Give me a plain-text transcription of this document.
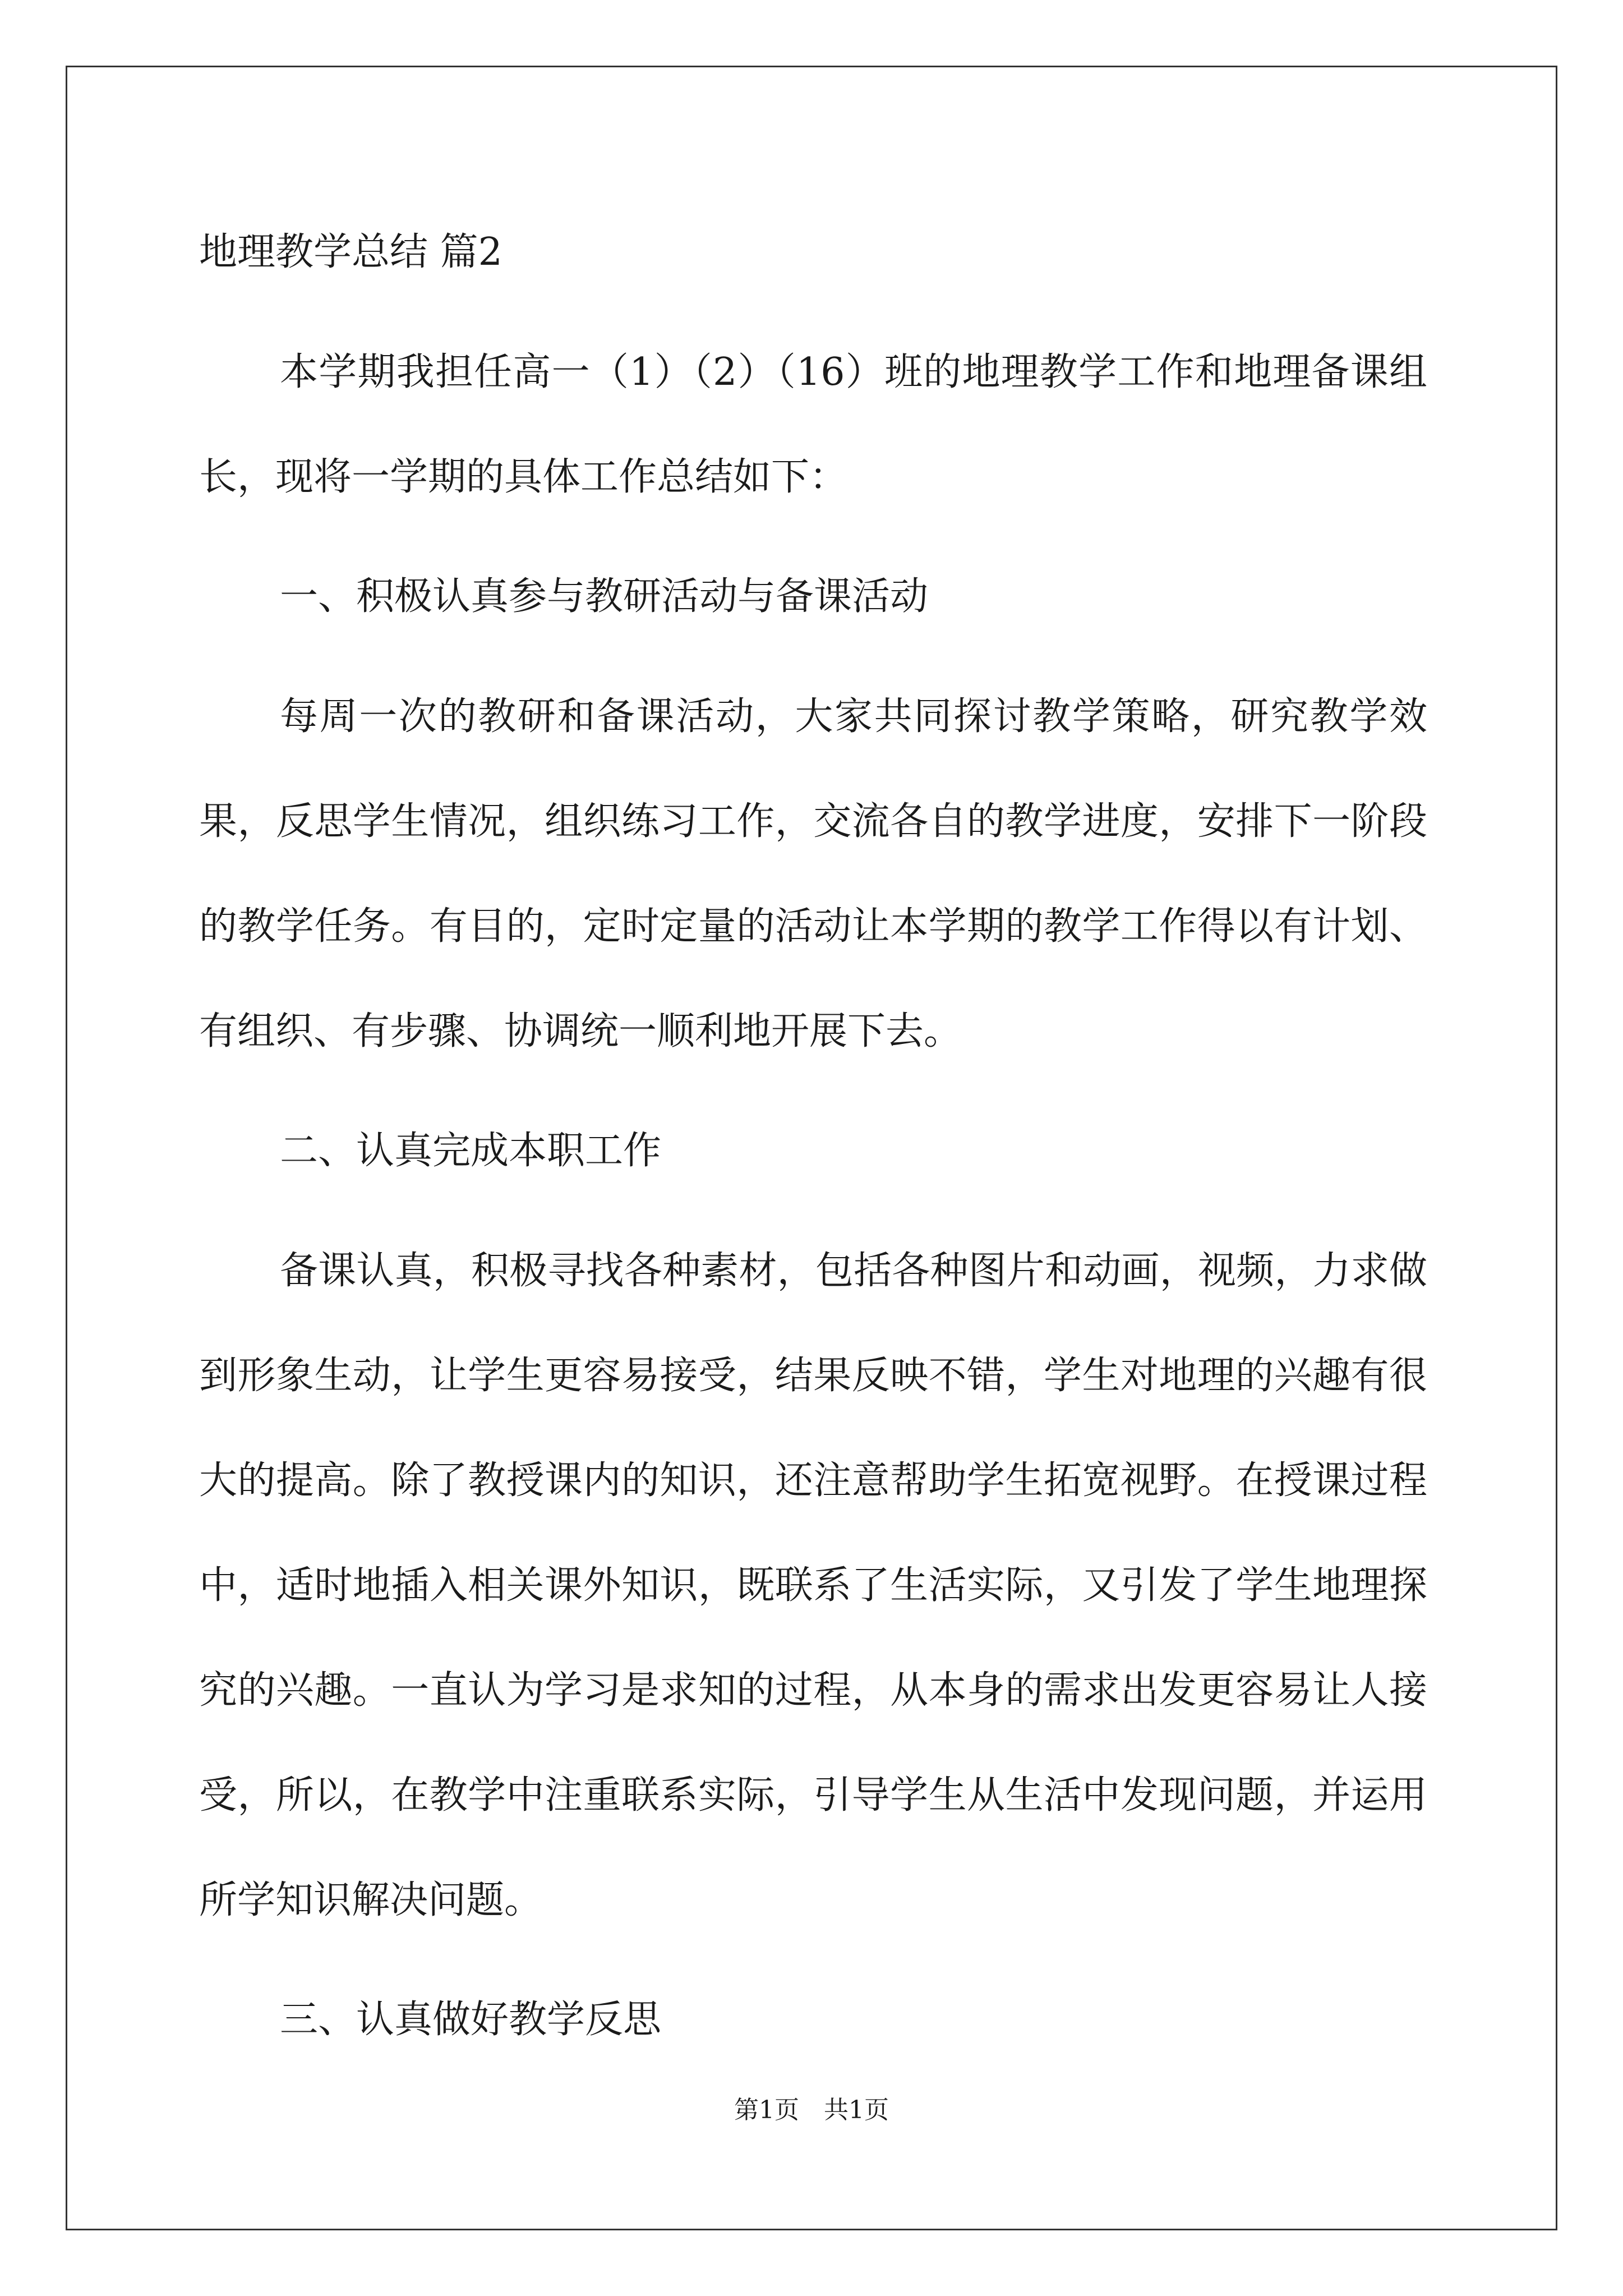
地理教学总结 篇2

本学期我担任高一（1）（2）（16）班的地理教学工作和地理备课组长，现将一学期的具体工作总结如下：

一、积极认真参与教研活动与备课活动

每周一次的教研和备课活动，大家共同探讨教学策略，研究教学效果，反思学生情况，组织练习工作，交流各自的教学进度，安排下一阶段的教学任务。有目的，定时定量的活动让本学期的教学工作得以有计划、有组织、有步骤、协调统一顺利地开展下去。

二、认真完成本职工作

备课认真，积极寻找各种素材，包括各种图片和动画，视频，力求做到形象生动，让学生更容易接受，结果反映不错，学生对地理的兴趣有很大的提高。除了教授课内的知识，还注意帮助学生拓宽视野。在授课过程中，适时地插入相关课外知识，既联系了生活实际，又引发了学生地理探究的兴趣。一直认为学习是求知的过程，从本身的需求出发更容易让人接受，所以，在教学中注重联系实际，引导学生从生活中发现问题，并运用所学知识解决问题。

三、认真做好教学反思
第1页 共1页
